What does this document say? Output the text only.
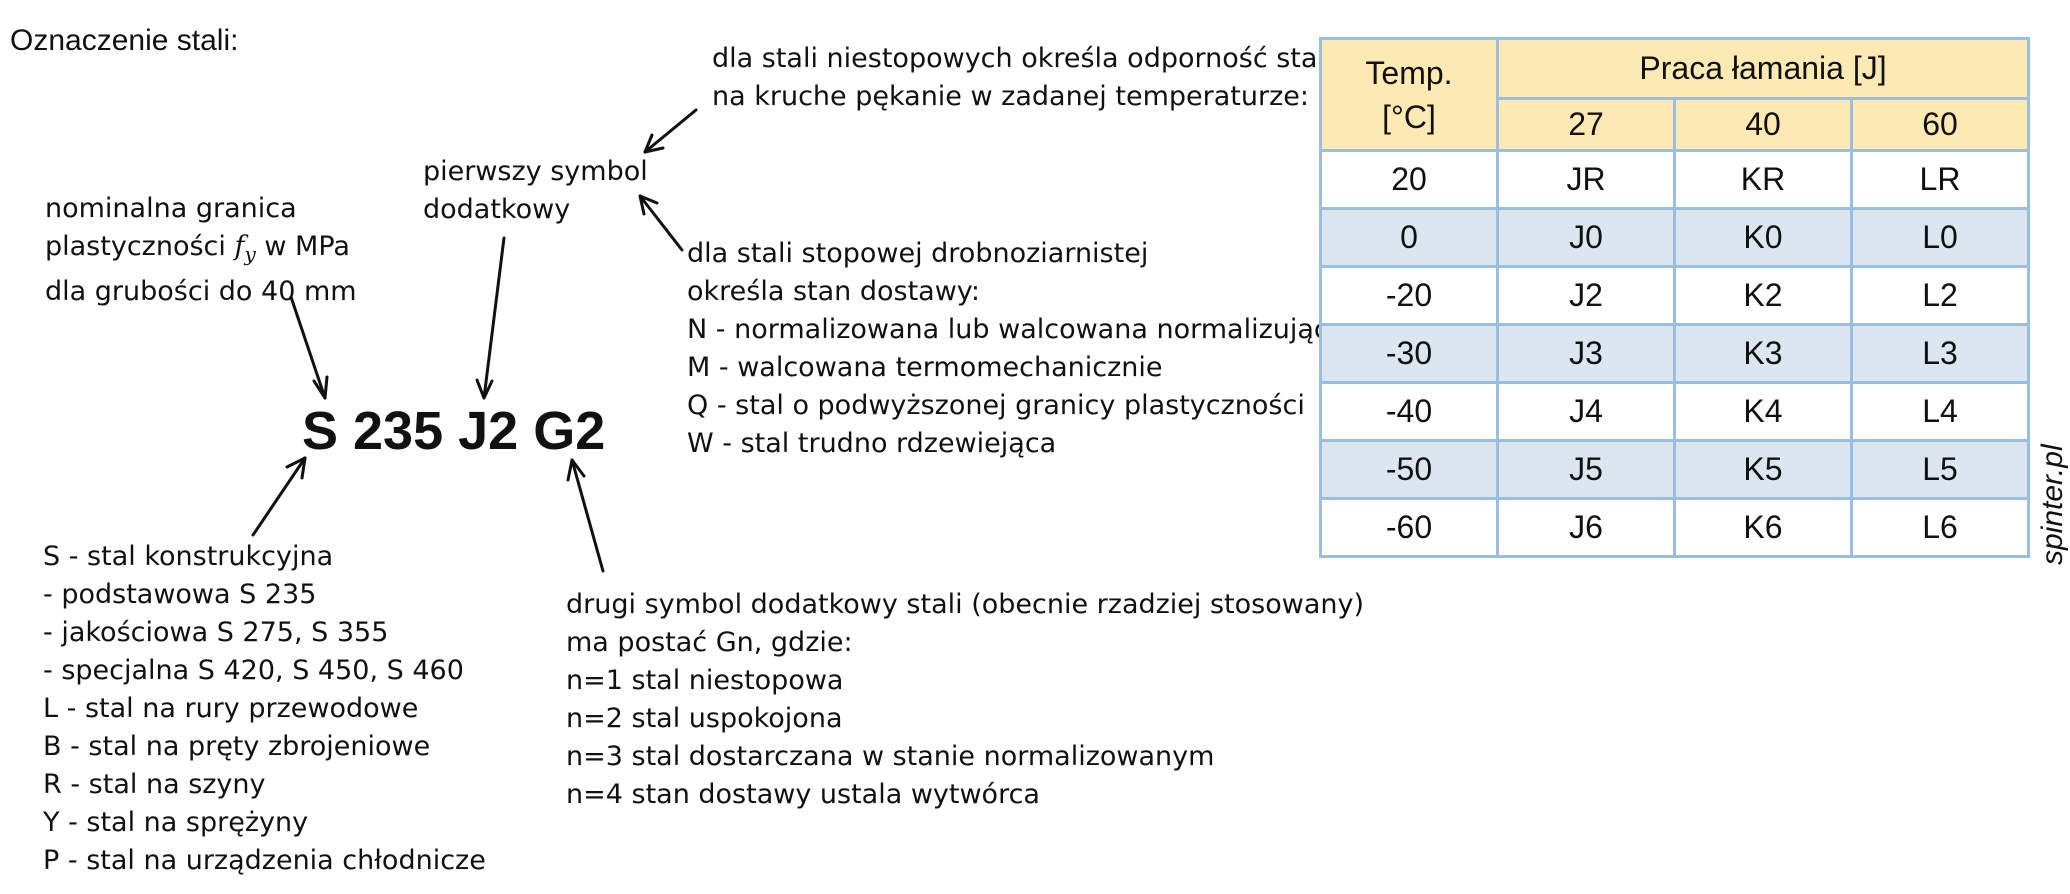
Oznaczenie stali:
nominalna granica
plastyczności $f_y$ w MPa
dla grubości do 40 mm
pierwszy symbol
dodatkowy
dla stali niestopowych określa odporność stali
na kruche pękanie w zadanej temperaturze:
dla stali stopowej drobnoziarnistej
określa stan dostawy:
N - normalizowana lub walcowana normalizująco
M - walcowana termomechanicznie
Q - stal o podwyższonej granicy plastyczności
W - stal trudno rdzewiejąca
S 235 J2 G2
S - stal konstrukcyjna
- podstawowa S 235
- jakościowa S 275, S 355
- specjalna S 420, S 450, S 460
L - stal na rury przewodowe
B - stal na pręty zbrojeniowe
R - stal na szyny
Y - stal na sprężyny
P - stal na urządzenia chłodnicze
drugi symbol dodatkowy stali (obecnie rzadziej stosowany)
ma postać Gn, gdzie:
n=1 stal niestopowa
n=2 stal uspokojona
n=3 stal dostarczana w stanie normalizowanym
n=4 stan dostawy ustala wytwórca
Temp.
[°C]	Praca łamania [J]		
	27	40	60
20	JR	KR	LR
0	J0	K0	L0
-20	J2	K2	L2
-30	J3	K3	L3
-40	J4	K4	L4
-50	J5	K5	L5
-60	J6	K6	L6	spinter.pl
